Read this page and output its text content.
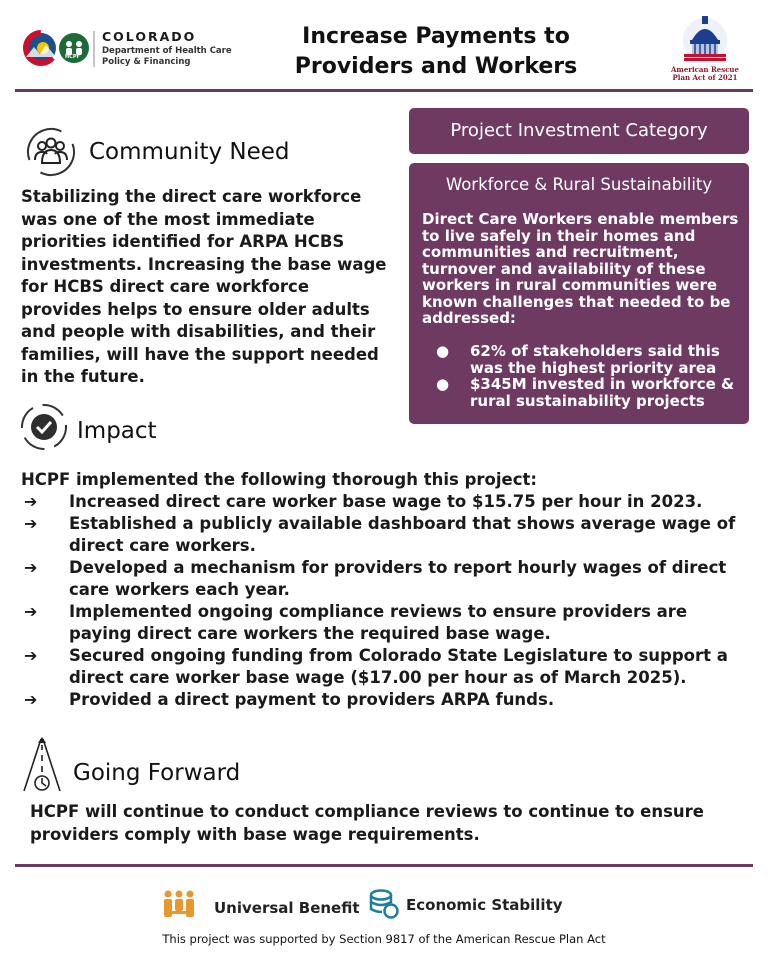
HCPF
COLORADO
Department of Health Care
Policy & Financing
Increase Payments to
Providers and Workers	American Rescue
Plan Act of 2021
Community Need
Stabilizing the direct care workforce was one of the most immediate priorities identified for ARPA HCBS investments. Increasing the base wage for HCBS direct care workforce provides helps to ensure older adults and people with disabilities, and their families, will have the support needed in the future.
Project Investment Category
Workforce & Rural Sustainability
Direct Care Workers enable members to live safely in their homes and communities and recruitment, turnover and availability of these workers in rural communities were known challenges that needed to be addressed:
● 62% of stakeholders said this was the highest priority area
● $345M invested in workforce & rural sustainability projects
Impact
HCPF implemented the following thorough this project:
➔ Increased direct care worker base wage to $15.75 per hour in 2023.
➔ Established a publicly available dashboard that shows average wage of direct care workers.
➔ Developed a mechanism for providers to report hourly wages of direct care workers each year.
➔ Implemented ongoing compliance reviews to ensure providers are paying direct care workers the required base wage.
➔ Secured ongoing funding from Colorado State Legislature to support a direct care worker base wage ($17.00 per hour as of March 2025).
➔ Provided a direct payment to providers ARPA funds.
Going Forward
HCPF will continue to conduct compliance reviews to continue to ensure providers comply with base wage requirements.
Universal Benefit	Economic Stability
This project was supported by Section 9817 of the American Rescue Plan Act
